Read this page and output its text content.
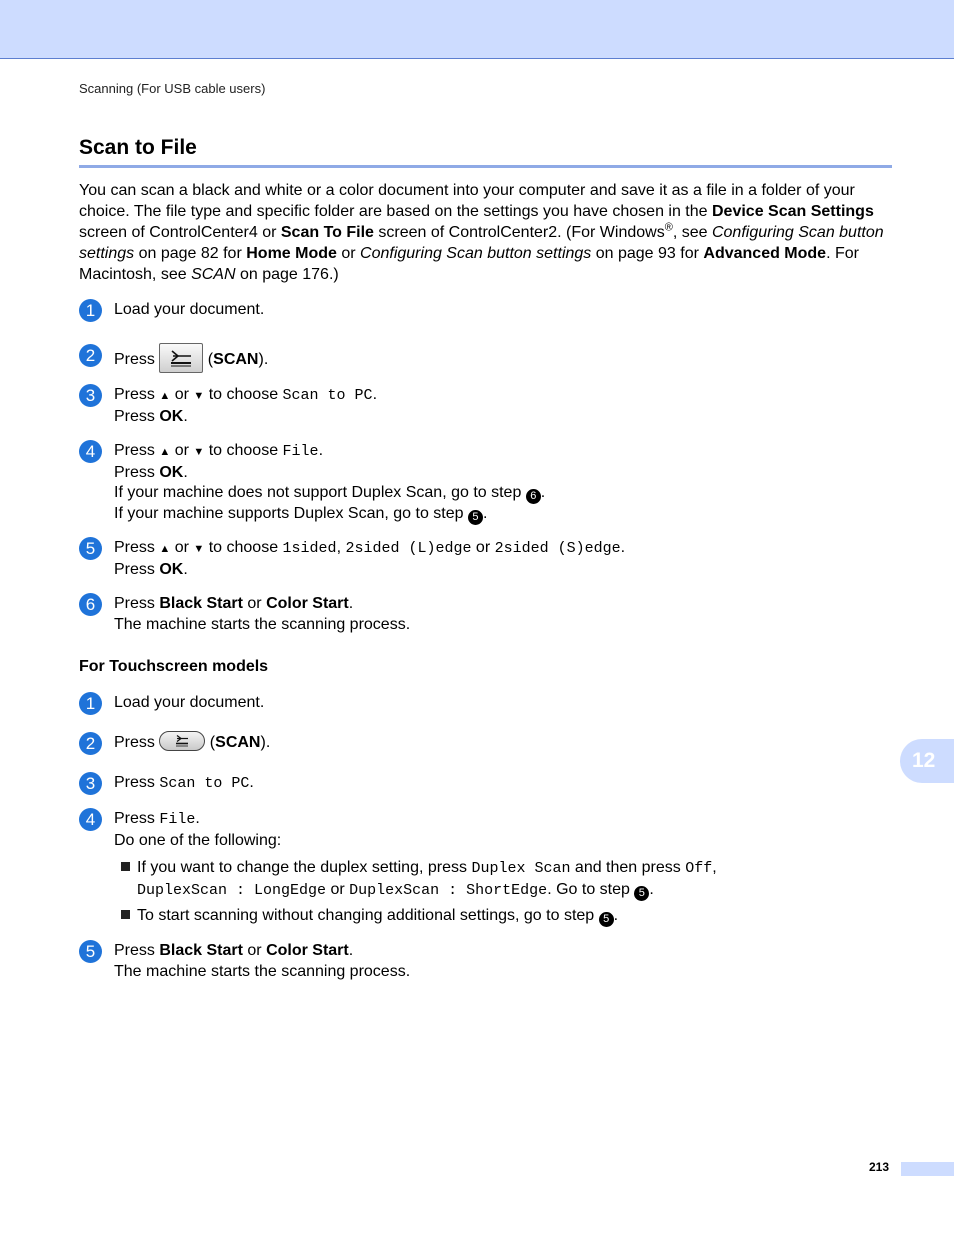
Scanning (For USB cable users)
Scan to File
You can scan a black and white or a color document into your computer and save it as a file in a folder of your choice. The file type and specific folder are based on the settings you have chosen in the Device Scan Settings screen of ControlCenter4 or Scan To File screen of ControlCenter2. (For Windows®, see Configuring Scan button settings on page 82 for Home Mode or Configuring Scan button settings on page 93 for Advanced Mode. For Macintosh, see SCAN on page 176.)
1	Load your document.
2	Press	(SCAN).
3	Press ▲ or ▼ to choose Scan to PC.
Press OK.
4	Press ▲ or ▼ to choose File.
Press OK.
If your machine does not support Duplex Scan, go to step 6 .
If your machine supports Duplex Scan, go to step 5 .
5	Press ▲ or ▼ to choose 1sided, 2sided (L)edge or 2sided (S)edge.
Press OK.
6	Press Black Start or Color Start.
The machine starts the scanning process.
For Touchscreen models
1	Load your document.
2	Press	(SCAN).
3	Press Scan to PC.
4	Press File.
Do one of the following:
If you want to change the duplex setting, press Duplex Scan and then press Off,
DuplexScan : LongEdge or DuplexScan : ShortEdge. Go to step 5 .
To start scanning without changing additional settings, go to step 5 .
5	Press Black Start or Color Start.
The machine starts the scanning process.
12
213
